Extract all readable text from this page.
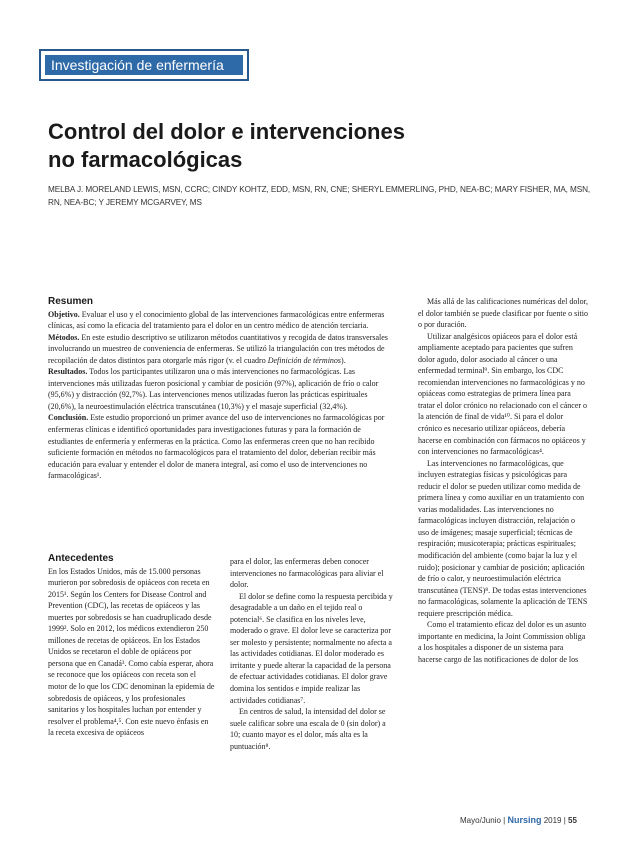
Investigación de enfermería
Control del dolor e intervenciones
no farmacológicas
MELBA J. MORELAND LEWIS, MSN, CCRC; CINDY KOHTZ, EDD, MSN, RN, CNE; SHERYL EMMERLING, PHD, NEA-BC; MARY FISHER, MA, MSN, RN, NEA-BC; Y JEREMY MCGARVEY, MS
Resumen

Objetivo. Evaluar el uso y el conocimiento global de las intervenciones farmacológicas entre enfermeras clínicas, así como la eficacia del tratamiento para el dolor en un centro médico de atención terciaria.

Métodos. En este estudio descriptivo se utilizaron métodos cuantitativos y recogida de datos transversales involucrando un muestreo de conveniencia de enfermeras. Se utilizó la triangulación con tres métodos de recopilación de datos distintos para otorgarle más rigor (v. el cuadro Definición de términos).

Resultados. Todos los participantes utilizaron una o más intervenciones no farmacológicas. Las intervenciones más utilizadas fueron posicional y cambiar de posición (97%), aplicación de frío o calor (95,6%) y distracción (92,7%). Las intervenciones menos utilizadas fueron las prácticas espirituales (20,6%), la neuroestimulación eléctrica transcutánea (10,3%) y el masaje superficial (32,4%).

Conclusión. Este estudio proporcionó un primer avance del uso de intervenciones no farmacológicas por enfermeras clínicas e identificó oportunidades para investigaciones futuras y para la formación de estudiantes de enfermería y enfermeras en la práctica. Como las enfermeras creen que no han recibido suficiente formación en métodos no farmacológicos para el tratamiento del dolor, deberían recibir más educación para evaluar y entender el dolor de manera integral, así como el uso de intervenciones no farmacológicas¹.

Antecedentes

En los Estados Unidos, más de 15.000 personas murieron por sobredosis de opiáceos con receta en 2015¹. Según los Centers for Disease Control and Prevention (CDC), las recetas de opiáceos y las muertes por sobredosis se han cuadruplicado desde 1999². Solo en 2012, los médicos extendieron 250 millones de recetas de opiáceos. En los Estados Unidos se recetaron el doble de opiáceos por persona que en Canadá³. Como cabía esperar, ahora se reconoce que los opiáceos con receta son el motor de lo que los CDC denominan la epidemia de sobredosis de opiáceos, y los profesionales sanitarios y los hospitales luchan por entender y resolver el problema⁴,⁵. Con este nuevo énfasis en la receta excesiva de opiáceos

para el dolor, las enfermeras deben conocer intervenciones no farmacológicas para aliviar el dolor.

El dolor se define como la respuesta percibida y desagradable a un daño en el tejido real o potencial⁶. Se clasifica en los niveles leve, moderado o grave. El dolor leve se caracteriza por ser molesto y persistente; normalmente no afecta a las actividades cotidianas. El dolor moderado es irritante y puede alterar la capacidad de la persona de efectuar actividades cotidianas. El dolor grave domina los sentidos e impide realizar las actividades cotidianas⁷.

En centros de salud, la intensidad del dolor se suele calificar sobre una escala de 0 (sin dolor) a 10; cuanto mayor es el dolor, más alta es la puntuación⁸.

Más allá de las calificaciones numéricas del dolor, el dolor también se puede clasificar por fuente o sitio o por duración.

Utilizar analgésicos opiáceos para el dolor está ampliamente aceptado para pacientes que sufren dolor agudo, dolor asociado al cáncer o una enfermedad terminal⁹. Sin embargo, los CDC recomiendan intervenciones no farmacológicas y no opiáceas como estrategias de primera línea para tratar el dolor crónico no relacionado con el cáncer o la atención de final de vida¹⁰. Si para el dolor crónico es necesario utilizar opiáceos, debería hacerse en combinación con fármacos no opiáceos y con intervenciones no farmacológicas⁴.

Las intervenciones no farmacológicas, que incluyen estrategias físicas y psicológicas para reducir el dolor se pueden utilizar como medida de primera línea y como auxiliar en un tratamiento con varias modalidades. Las intervenciones no farmacológicas incluyen distracción, relajación o uso de imágenes; masaje superficial; técnicas de respiración; musicoterapia; prácticas espirituales; modificación del ambiente (como bajar la luz y el ruido); posicionar y cambiar de posición; aplicación de frío o calor, y neuroestimulación eléctrica transcutánea (TENS)⁸. De todas estas intervenciones no farmacológicas, solamente la aplicación de TENS requiere prescripción médica.

Como el tratamiento eficaz del dolor es un asunto importante en medicina, la Joint Commission obliga a los hospitales a disponer de un sistema para hacerse cargo de las notificaciones de dolor de los

Mayo/Junio | Nursing 2019 | 55
